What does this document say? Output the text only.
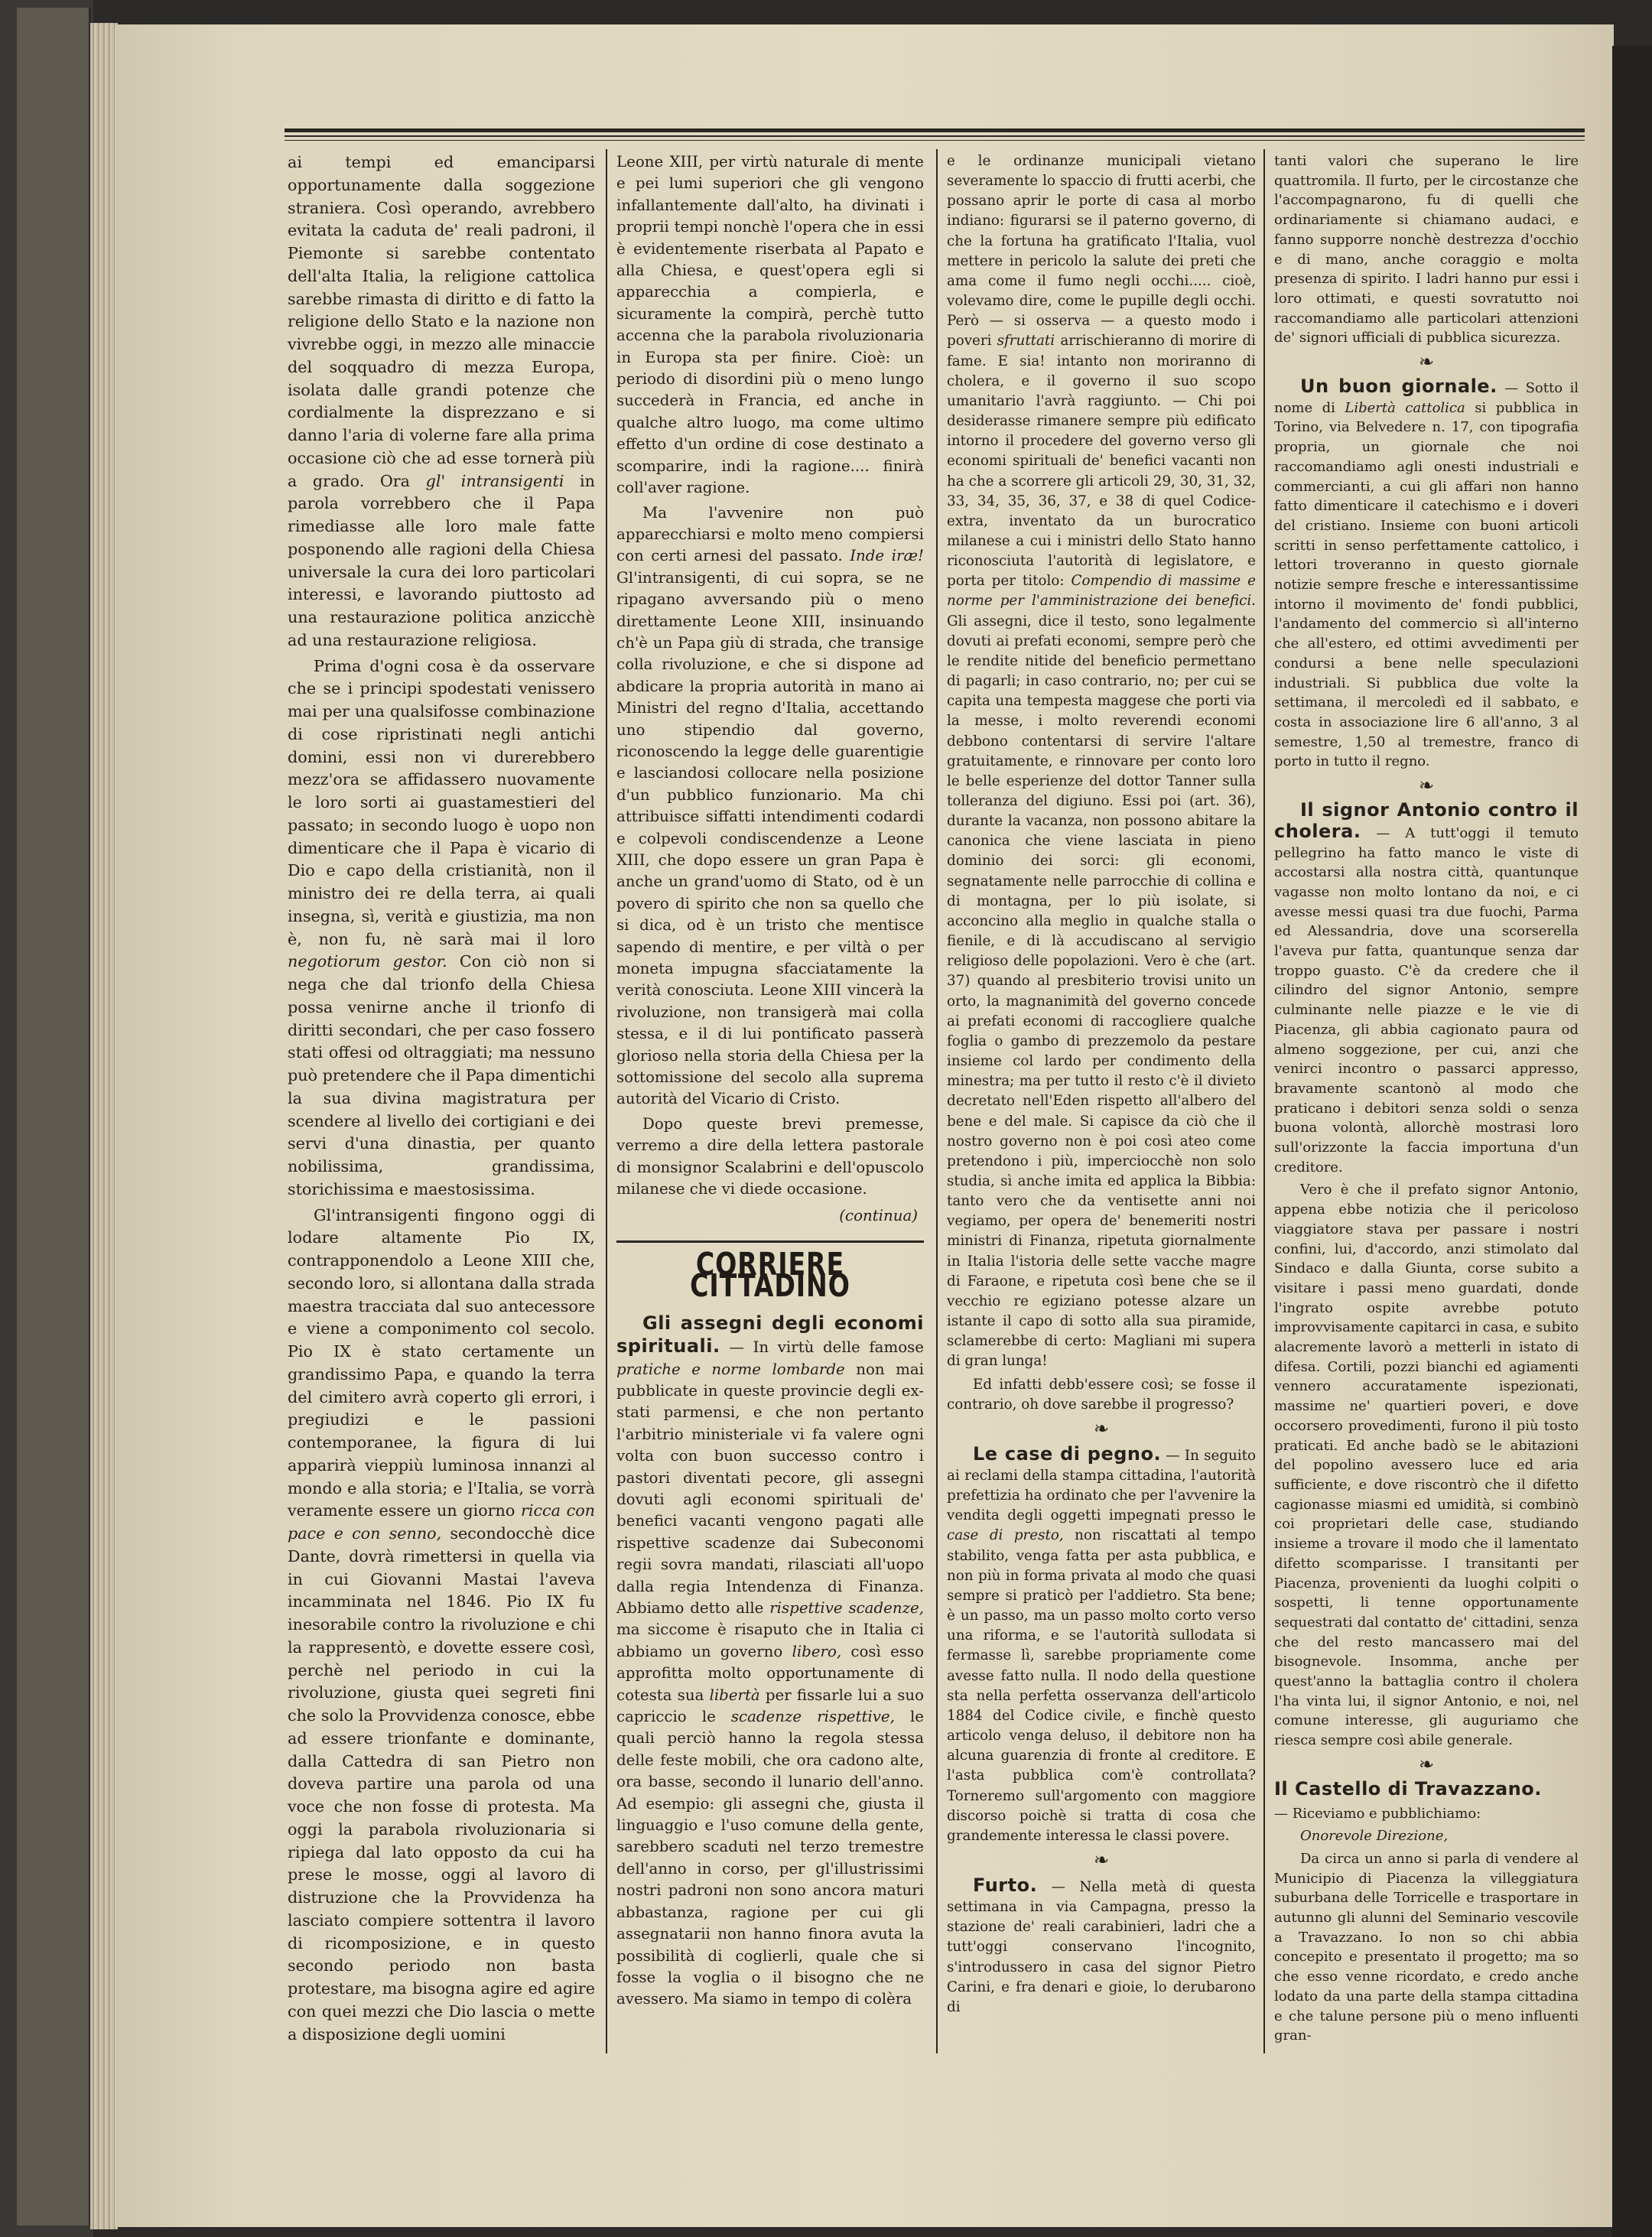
ai tempi ed emanciparsi opportunamente dalla soggezione straniera. Così operando, avrebbero evitata la caduta de' reali padroni, il Piemonte si sarebbe contentato dell'alta Italia, la religione cattolica sarebbe rimasta di diritto e di fatto la religione dello Stato e la nazione non vivrebbe oggi, in mezzo alle minaccie del soqquadro di mezza Europa, isolata dalle grandi potenze che cordialmente la disprezzano e si danno l'aria di volerne fare alla prima occasione ciò che ad esse tornerà più a grado. Ora gl' intransigenti in parola vorrebbero che il Papa rimediasse alle loro male fatte posponendo alle ragioni della Chiesa universale la cura dei loro particolari interessi, e lavorando piuttosto ad una restaurazione politica anzicchè ad una restaurazione religiosa.

Prima d'ogni cosa è da osservare che se i principi spodestati venissero mai per una qualsifosse combinazione di cose ripristinati negli antichi domini, essi non vi durerebbero mezz'ora se affidassero nuovamente le loro sorti ai guastamestieri del passato; in secondo luogo è uopo non dimenticare che il Papa è vicario di Dio e capo della cristianità, non il ministro dei re della terra, ai quali insegna, sì, verità e giustizia, ma non è, non fu, nè sarà mai il loro negotiorum gestor. Con ciò non si nega che dal trionfo della Chiesa possa venirne anche il trionfo di diritti secondari, che per caso fossero stati offesi od oltraggiati; ma nessuno può pretendere che il Papa dimentichi la sua divina magistratura per scendere al livello dei cortigiani e dei servi d'una dinastia, per quanto nobilissima, grandissima, storichissima e maestosissima.

Gl'intransigenti fingono oggi di lodare altamente Pio IX, contrapponendolo a Leone XIII che, secondo loro, si allontana dalla strada maestra tracciata dal suo antecessore e viene a componimento col secolo. Pio IX è stato certamente un grandissimo Papa, e quando la terra del cimitero avrà coperto gli errori, i pregiudizi e le passioni contemporanee, la figura di lui apparirà vieppiù luminosa innanzi al mondo e alla storia; e l'Italia, se vorrà veramente essere un giorno ricca con pace e con senno, secondocchè dice Dante, dovrà rimettersi in quella via in cui Giovanni Mastai l'aveva incamminata nel 1846. Pio IX fu inesorabile contro la rivoluzione e chi la rappresentò, e dovette essere così, perchè nel periodo in cui la rivoluzione, giusta quei segreti fini che solo la Provvidenza conosce, ebbe ad essere trionfante e dominante, dalla Cattedra di san Pietro non doveva partire una parola od una voce che non fosse di protesta. Ma oggi la parabola rivoluzionaria si ripiega dal lato opposto da cui ha prese le mosse, oggi al lavoro di distruzione che la Provvidenza ha lasciato compiere sottentra il lavoro di ricomposizione, e in questo secondo periodo non basta protestare, ma bisogna agire ed agire con quei mezzi che Dio lascia o mette a disposizione degli uomini

Leone XIII, per virtù naturale di mente e pei lumi superiori che gli vengono infallantemente dall'alto, ha divinati i proprii tempi nonchè l'opera che in essi è evidentemente riserbata al Papato e alla Chiesa, e quest'opera egli si apparecchia a compierla, e sicuramente la compirà, perchè tutto accenna che la parabola rivoluzionaria in Europa sta per finire. Cioè: un periodo di disordini più o meno lungo succederà in Francia, ed anche in qualche altro luogo, ma come ultimo effetto d'un ordine di cose destinato a scomparire, indi la ragione.... finirà coll'aver ragione.

Ma l'avvenire non può apparecchiarsi e molto meno compiersi con certi arnesi del passato. Inde iræ! Gl'intransigenti, di cui sopra, se ne ripagano avversando più o meno direttamente Leone XIII, insinuando ch'è un Papa giù di strada, che transige colla rivoluzione, e che si dispone ad abdicare la propria autorità in mano ai Ministri del regno d'Italia, accettando uno stipendio dal governo, riconoscendo la legge delle guarentigie e lasciandosi collocare nella posizione d'un pubblico funzionario. Ma chi attribuisce siffatti intendimenti codardi e colpevoli condiscendenze a Leone XIII, che dopo essere un gran Papa è anche un grand'uomo di Stato, od è un povero di spirito che non sa quello che si dica, od è un tristo che mentisce sapendo di mentire, e per viltà o per moneta impugna sfacciatamente la verità conosciuta. Leone XIII vincerà la rivoluzione, non transigerà mai colla stessa, e il di lui pontificato passerà glorioso nella storia della Chiesa per la sottomissione del secolo alla suprema autorità del Vicario di Cristo.

Dopo queste brevi premesse, verremo a dire della lettera pastorale di monsignor Scalabrini e dell'opuscolo milanese che vi diede occasione.

(continua)
CORRIERE CITTADINO

Gli assegni degli economi spirituali. — In virtù delle famose pratiche e norme lombarde non mai pubblicate in queste provincie degli ex-stati parmensi, e che non pertanto l'arbitrio ministeriale vi fa valere ogni volta con buon successo contro i pastori diventati pecore, gli assegni dovuti agli economi spirituali de' benefici vacanti vengono pagati alle rispettive scadenze dai Subeconomi regii sovra mandati, rilasciati all'uopo dalla regia Intendenza di Finanza. Abbiamo detto alle rispettive scadenze, ma siccome è risaputo che in Italia ci abbiamo un governo libero, così esso approfitta molto opportunamente di cotesta sua libertà per fissarle lui a suo capriccio le scadenze rispettive, le quali perciò hanno la regola stessa delle feste mobili, che ora cadono alte, ora basse, secondo il lunario dell'anno. Ad esempio: gli assegni che, giusta il linguaggio e l'uso comune della gente, sarebbero scaduti nel terzo tremestre dell'anno in corso, per gl'illustrissimi nostri padroni non sono ancora maturi abbastanza, ragione per cui gli assegnatarii non hanno finora avuta la possibilità di coglierli, quale che si fosse la voglia o il bisogno che ne avessero. Ma siamo in tempo di colèra

e le ordinanze municipali vietano severamente lo spaccio di frutti acerbi, che possano aprir le porte di casa al morbo indiano: figurarsi se il paterno governo, di che la fortuna ha gratificato l'Italia, vuol mettere in pericolo la salute dei preti che ama come il fumo negli occhi..... cioè, volevamo dire, come le pupille degli occhi. Però — si osserva — a questo modo i poveri sfruttati arrischieranno di morire di fame. E sia! intanto non moriranno di cholera, e il governo il suo scopo umanitario l'avrà raggiunto. — Chi poi desiderasse rimanere sempre più edificato intorno il procedere del governo verso gli economi spirituali de' benefici vacanti non ha che a scorrere gli articoli 29, 30, 31, 32, 33, 34, 35, 36, 37, e 38 di quel Codice-extra, inventato da un burocratico milanese a cui i ministri dello Stato hanno riconosciuta l'autorità di legislatore, e porta per titolo: Compendio di massime e norme per l'amministrazione dei benefici. Gli assegni, dice il testo, sono legalmente dovuti ai prefati economi, sempre però che le rendite nitide del beneficio permettano di pagarli; in caso contrario, no; per cui se capita una tempesta maggese che porti via la messe, i molto reverendi economi debbono contentarsi di servire l'altare gratuitamente, e rinnovare per conto loro le belle esperienze del dottor Tanner sulla tolleranza del digiuno. Essi poi (art. 36), durante la vacanza, non possono abitare la canonica che viene lasciata in pieno dominio dei sorci: gli economi, segnatamente nelle parrocchie di collina e di montagna, per lo più isolate, si acconcino alla meglio in qualche stalla o fienile, e di là accudiscano al servigio religioso delle popolazioni. Vero è che (art. 37) quando al presbiterio trovisi unito un orto, la magnanimità del governo concede ai prefati economi di raccogliere qualche foglia o gambo di prezzemolo da pestare insieme col lardo per condimento della minestra; ma per tutto il resto c'è il divieto decretato nell'Eden rispetto all'albero del bene e del male. Si capisce da ciò che il nostro governo non è poi così ateo come pretendono i più, imperciocchè non solo studia, sì anche imita ed applica la Bibbia: tanto vero che da ventisette anni noi vegiamo, per opera de' benemeriti nostri ministri di Finanza, ripetuta giornalmente in Italia l'istoria delle sette vacche magre di Faraone, e ripetuta così bene che se il vecchio re egiziano potesse alzare un istante il capo di sotto alla sua piramide, sclamerebbe di certo: Magliani mi supera di gran lunga!

Ed infatti debb'essere così; se fosse il contrario, oh dove sarebbe il progresso?

❧

Le case di pegno. — In seguito ai reclami della stampa cittadina, l'autorità prefettizia ha ordinato che per l'avvenire la vendita degli oggetti impegnati presso le case di presto, non riscattati al tempo stabilito, venga fatta per asta pubblica, e non più in forma privata al modo che quasi sempre si praticò per l'addietro. Sta bene; è un passo, ma un passo molto corto verso una riforma, e se l'autorità sullodata si fermasse lì, sarebbe propriamente come avesse fatto nulla. Il nodo della questione sta nella perfetta osservanza dell'articolo 1884 del Codice civile, e finchè questo articolo venga deluso, il debitore non ha alcuna guarenzia di fronte al creditore. E l'asta pubblica com'è controllata? Torneremo sull'argomento con maggiore discorso poichè si tratta di cosa che grandemente interessa le classi povere.

❧

Furto. — Nella metà di questa settimana in via Campagna, presso la stazione de' reali carabinieri, ladri che a tutt'oggi conservano l'incognito, s'introdussero in casa del signor Pietro Carini, e fra denari e gioie, lo derubarono di

tanti valori che superano le lire quattromila. Il furto, per le circostanze che l'accompagnarono, fu di quelli che ordinariamente si chiamano audaci, e fanno supporre nonchè destrezza d'occhio e di mano, anche coraggio e molta presenza di spirito. I ladri hanno pur essi i loro ottimati, e questi sovratutto noi raccomandiamo alle particolari attenzioni de' signori ufficiali di pubblica sicurezza.

❧

Un buon giornale. — Sotto il nome di Libertà cattolica si pubblica in Torino, via Belvedere n. 17, con tipografia propria, un giornale che noi raccomandiamo agli onesti industriali e commercianti, a cui gli affari non hanno fatto dimenticare il catechismo e i doveri del cristiano. Insieme con buoni articoli scritti in senso perfettamente cattolico, i lettori troveranno in questo giornale notizie sempre fresche e interessantissime intorno il movimento de' fondi pubblici, l'andamento del commercio sì all'interno che all'estero, ed ottimi avvedimenti per condursi a bene nelle speculazioni industriali. Si pubblica due volte la settimana, il mercoledì ed il sabbato, e costa in associazione lire 6 all'anno, 3 al semestre, 1,50 al tremestre, franco di porto in tutto il regno.

❧

Il signor Antonio contro il cholera. — A tutt'oggi il temuto pellegrino ha fatto manco le viste di accostarsi alla nostra città, quantunque vagasse non molto lontano da noi, e ci avesse messi quasi tra due fuochi, Parma ed Alessandria, dove una scorserella l'aveva pur fatta, quantunque senza dar troppo guasto. C'è da credere che il cilindro del signor Antonio, sempre culminante nelle piazze e le vie di Piacenza, gli abbia cagionato paura od almeno soggezione, per cui, anzi che venirci incontro o passarci appresso, bravamente scantonò al modo che praticano i debitori senza soldi o senza buona volontà, allorchè mostrasi loro sull'orizzonte la faccia importuna d'un creditore.

Vero è che il prefato signor Antonio, appena ebbe notizia che il pericoloso viaggiatore stava per passare i nostri confini, lui, d'accordo, anzi stimolato dal Sindaco e dalla Giunta, corse subito a visitare i passi meno guardati, donde l'ingrato ospite avrebbe potuto improvvisamente capitarci in casa, e subito alacremente lavorò a metterli in istato di difesa. Cortili, pozzi bianchi ed agiamenti vennero accuratamente ispezionati, massime ne' quartieri poveri, e dove occorsero provedimenti, furono il più tosto praticati. Ed anche badò se le abitazioni del popolino avessero luce ed aria sufficiente, e dove riscontrò che il difetto cagionasse miasmi ed umidità, si combinò coi proprietari delle case, studiando insieme a trovare il modo che il lamentato difetto scomparisse. I transitanti per Piacenza, provenienti da luoghi colpiti o sospetti, li tenne opportunamente sequestrati dal contatto de' cittadini, senza che del resto mancassero mai del bisognevole. Insomma, anche per quest'anno la battaglia contro il cholera l'ha vinta lui, il signor Antonio, e noi, nel comune interesse, gli auguriamo che riesca sempre così abile generale.

❧

Il Castello di Travazzano.

— Riceviamo e pubblichiamo:

Onorevole Direzione,

Da circa un anno si parla di vendere al Municipio di Piacenza la villeggiatura suburbana delle Torricelle e trasportare in autunno gli alunni del Seminario vescovile a Travazzano. Io non so chi abbia concepito e presentato il progetto; ma so che esso venne ricordato, e credo anche lodato da una parte della stampa cittadina e che talune persone più o meno influenti gran-
